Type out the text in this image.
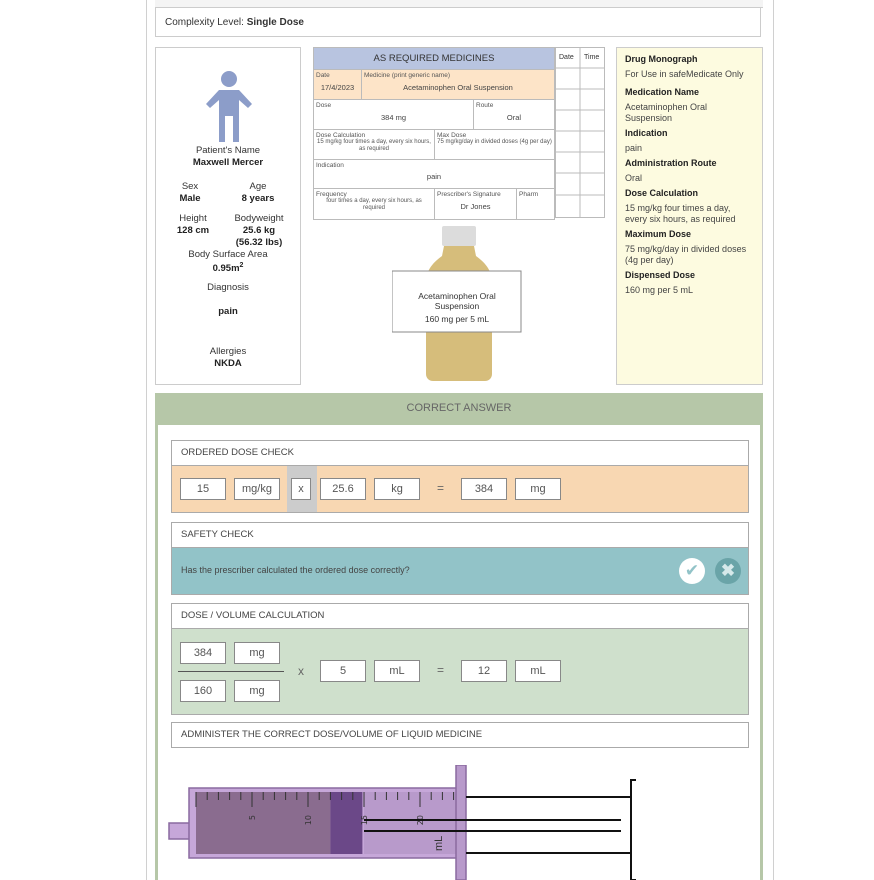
Complexity Level: Single Dose
Patient's Name
Maxwell Mercer
Sex
Male
Age
8 years
Height
128 cm
Bodyweight
25.6 kg
(56.32 lbs)
Body Surface Area
$0.95m^2$
Diagnosis
pain
Allergies
NKDA
AS REQUIRED MEDICINES
Date
17/4/2023
Medicine (print generic name)
Acetaminophen Oral Suspension
Dose
384 mg
Route
Oral
Dose Calculation
15 mg/kg four times a day, every six hours, as required
Max Dose
75 mg/kg/day in divided doses (4g per day)
Indication
pain
Frequency
four times a day, every six hours, as required
Prescriber's Signature
Dr Jones
Pharm
Date Time
Acetaminophen Oral
Suspension
160 mg per 5 mL
Drug Monograph
For Use in safeMedicate Only
Medication Name
Acetaminophen Oral Suspension
Indication
pain
Administration Route
Oral
Dose Calculation
15 mg/kg four times a day, every six hours, as required
Maximum Dose
75 mg/kg/day in divided doses (4g per day)
Dispensed Dose
160 mg per 5 mL
CORRECT ANSWER
ORDERED DOSE CHECK
15	mg/kg	x	25.6	kg	=	384	mg
SAFETY CHECK
Has the prescriber calculated the ordered dose correctly?	✔	✖
DOSE / VOLUME CALCULATION
384	mg
160	mg
x	5	mL	=	12	mL
ADMINISTER THE CORRECT DOSE/VOLUME OF LIQUID MEDICINE
5	10	15	20
mL
